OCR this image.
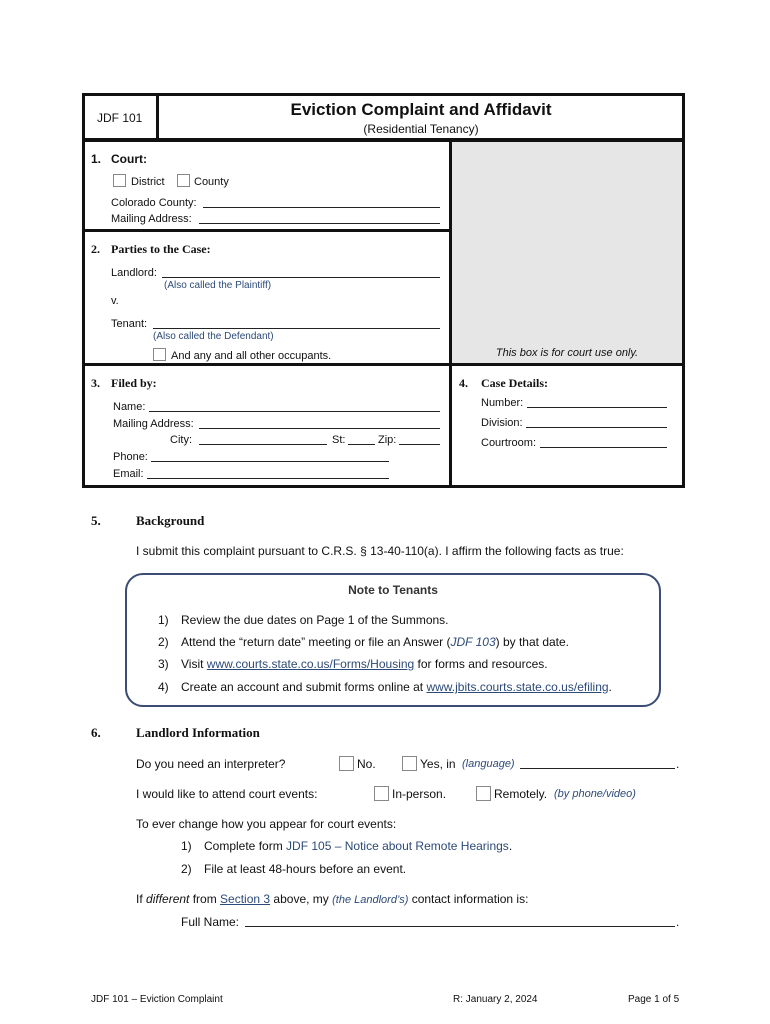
JDF 101	Eviction Complaint and Affidavit
(Residential Tenancy)
1. Court:
District	County
Colorado County:
Mailing Address:
2. Parties to the Case:
Landlord:
(Also called the Plaintiff)
v.
Tenant:
(Also called the Defendant)
And any and all other occupants.	This box is for court use only.
3. Filed by:
Name:
Mailing Address:
City:	St:	Zip:
Phone:
Email:
4. Case Details:
Number:
Division:
Courtroom:
5.	Background
I submit this complaint pursuant to C.R.S. § 13-40-110(a). I affirm the following facts as true:
Note to Tenants
1) Review the due dates on Page 1 of the Summons.
2) Attend the “return date” meeting or file an Answer (JDF 103) by that date.
3) Visit www.courts.state.co.us/Forms/Housing for forms and resources.
4) Create an account and submit forms online at www.jbits.courts.state.co.us/efiling.
6.	Landlord Information
Do you need an interpreter?	No.	Yes, in (language)	.
I would like to attend court events:	In-person.	Remotely. (by phone/video)
To ever change how you appear for court events:
1) Complete form JDF 105 – Notice about Remote Hearings.
2) File at least 48-hours before an event.
If different from Section 3 above, my (the Landlord’s) contact information is:
Full Name:	.
JDF 101 – Eviction Complaint	R: January 2, 2024	Page 1 of 5
